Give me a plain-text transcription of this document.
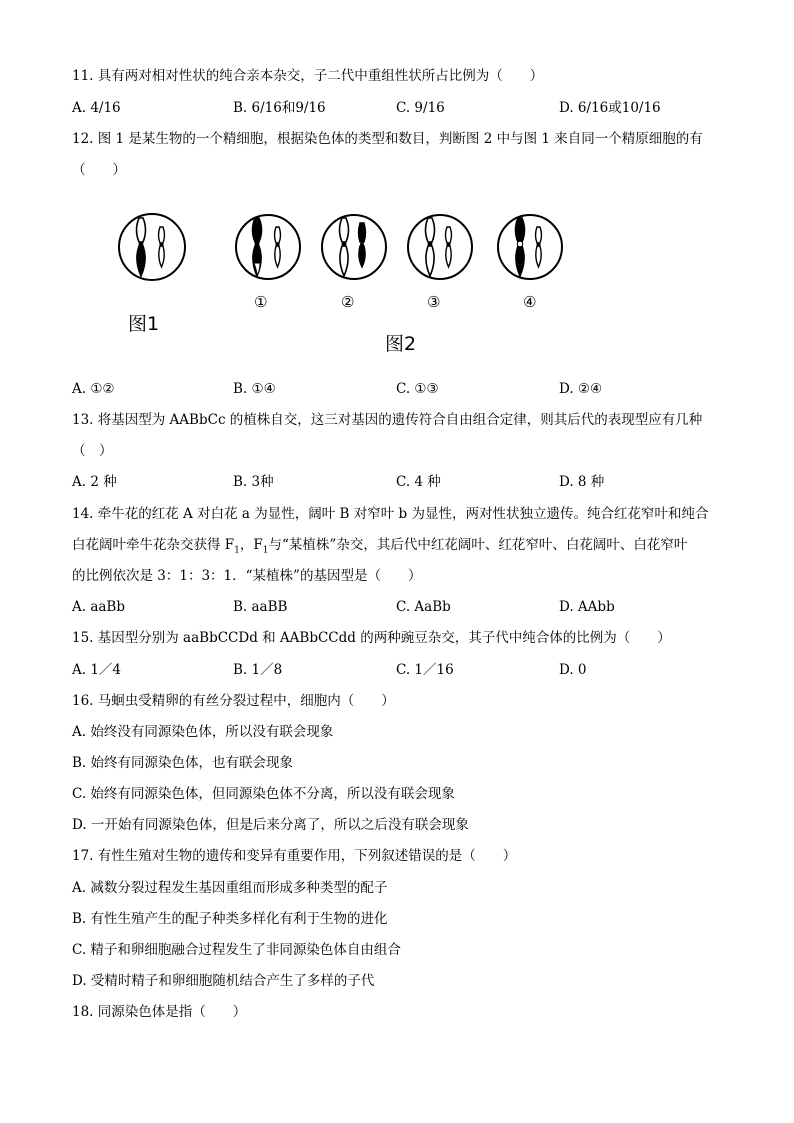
11. 具有两对相对性状的纯合亲本杂交，子二代中重组性状所占比例为（　　）
A. 4/16	B. 6/16和9/16	C. 9/16	D. 6/16或10/16
12. 图 1 是某生物的一个精细胞，根据染色体的类型和数目，判断图 2 中与图 1 来自同一个精原细胞的有
（　　）
图1
①	②	③	④
图2
A. ①②	B. ①④	C. ①③	D. ②④
13. 将基因型为 AABbCc 的植株自交，这三对基因的遗传符合自由组合定律，则其后代的表现型应有几种
（　）
A. 2 种	B. 3种	C. 4 种	D. 8 种
14. 牵牛花的红花 A 对白花 a 为显性，阔叶 B 对窄叶 b 为显性，两对性状独立遗传。纯合红花窄叶和纯合
白花阔叶牵牛花杂交获得 $F_1$，$F_1$与“某植株”杂交，其后代中红花阔叶、红花窄叶、白花阔叶、白花窄叶
的比例依次是 3：1：3：1．“某植株”的基因型是（　　）
A. aaBb	B. aaBB	C. AaBb	D. AAbb
15. 基因型分别为 aaBbCCDd 和 AABbCCdd 的两种豌豆杂交，其子代中纯合体的比例为（　　）
A. 1／4	B. 1／8	C. 1／16	D. 0
16. 马蛔虫受精卵的有丝分裂过程中，细胞内（　　）
A. 始终没有同源染色体，所以没有联会现象
B. 始终有同源染色体，也有联会现象
C. 始终有同源染色体，但同源染色体不分离，所以没有联会现象
D. 一开始有同源染色体，但是后来分离了，所以之后没有联会现象
17. 有性生殖对生物的遗传和变异有重要作用，下列叙述错误的是（　　）
A. 减数分裂过程发生基因重组而形成多种类型的配子
B. 有性生殖产生的配子种类多样化有利于生物的进化
C. 精子和卵细胞融合过程发生了非同源染色体自由组合
D. 受精时精子和卵细胞随机结合产生了多样的子代
18. 同源染色体是指（　　）
